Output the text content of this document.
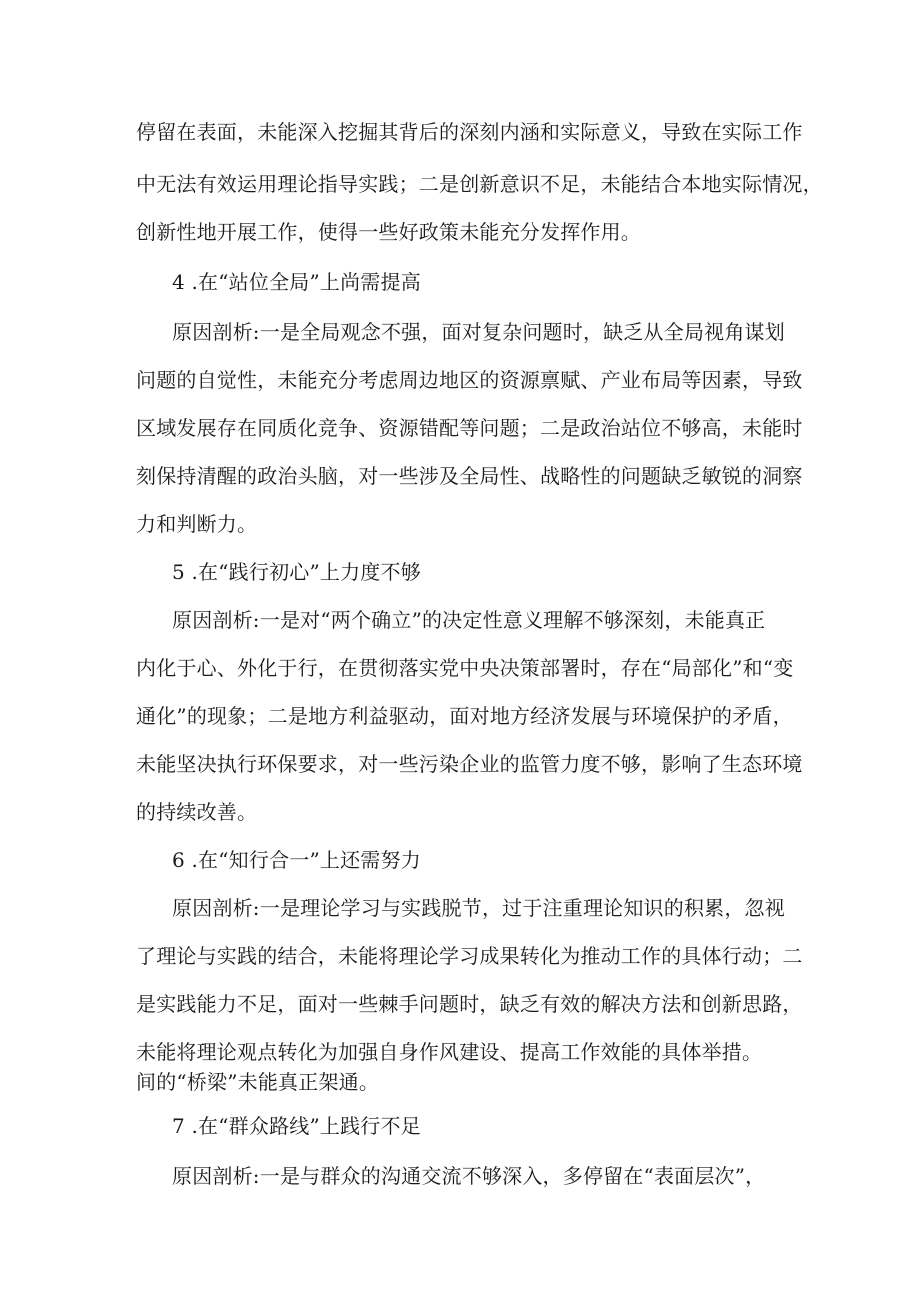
停留在表面，未能深入挖掘其背后的深刻内涵和实际意义，导致在实际工作
中无法有效运用理论指导实践；二是创新意识不足，未能结合本地实际情况，
创新性地开展工作，使得一些好政策未能充分发挥作用。
4 .在“站位全局”上尚需提高
原因剖析:一是全局观念不强，面对复杂问题时，缺乏从全局视角谋划
问题的自觉性，未能充分考虑周边地区的资源禀赋、产业布局等因素，导致
区域发展存在同质化竞争、资源错配等问题；二是政治站位不够高，未能时
刻保持清醒的政治头脑，对一些涉及全局性、战略性的问题缺乏敏锐的洞察
力和判断力。
5 .在“践行初心”上力度不够
原因剖析:一是对“两个确立”的决定性意义理解不够深刻，未能真正
内化于心、外化于行，在贯彻落实党中央决策部署时，存在“局部化”和“变
通化”的现象；二是地方利益驱动，面对地方经济发展与环境保护的矛盾，
未能坚决执行环保要求，对一些污染企业的监管力度不够，影响了生态环境
的持续改善。
6 .在“知行合一”上还需努力
原因剖析:一是理论学习与实践脱节，过于注重理论知识的积累，忽视
了理论与实践的结合，未能将理论学习成果转化为推动工作的具体行动；二
是实践能力不足，面对一些棘手问题时，缺乏有效的解决方法和创新思路，
未能将理论观点转化为加强自身作风建设、提高工作效能的具体举措。
间的“桥梁”未能真正架通。
7 .在“群众路线”上践行不足
原因剖析:一是与群众的沟通交流不够深入，多停留在“表面层次”，
